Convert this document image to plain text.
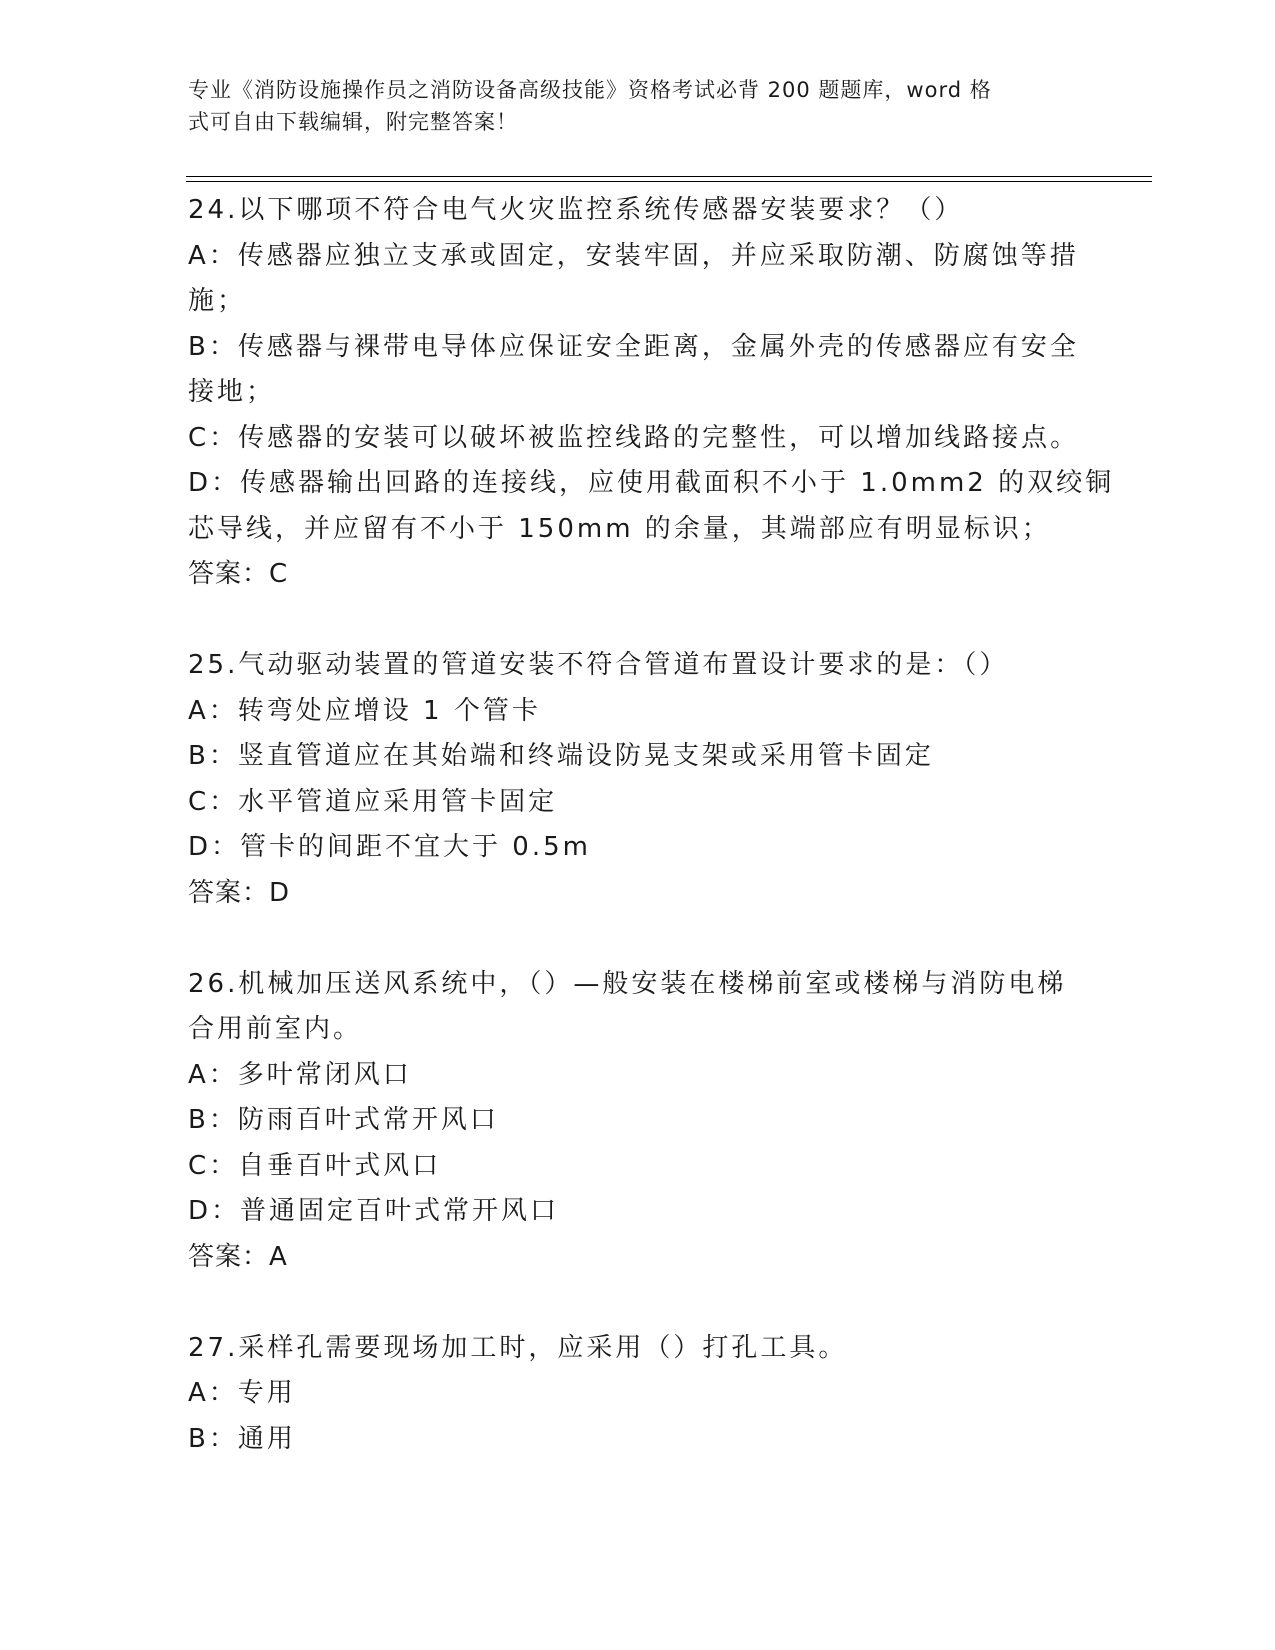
专业《消防设施操作员之消防设备高级技能》资格考试必背 200 题题库，word 格
式可自由下载编辑，附完整答案！
24.以下哪项不符合电气火灾监控系统传感器安装要求？（）
A：传感器应独立支承或固定，安装牢固，并应采取防潮、防腐蚀等措
施；
B：传感器与裸带电导体应保证安全距离，金属外壳的传感器应有安全
接地；
C：传感器的安装可以破坏被监控线路的完整性，可以增加线路接点。
D：传感器输出回路的连接线，应使用截面积不小于 1.0mm2 的双绞铜
芯导线，并应留有不小于 150mm 的余量，其端部应有明显标识；
答案：C
25.气动驱动装置的管道安装不符合管道布置设计要求的是：（）
A：转弯处应增设 1 个管卡
B：竖直管道应在其始端和终端设防晃支架或采用管卡固定
C：水平管道应采用管卡固定
D：管卡的间距不宜大于 0.5m
答案：D
26.机械加压送风系统中，（）—般安装在楼梯前室或楼梯与消防电梯
合用前室内。
A：多叶常闭风口
B：防雨百叶式常开风口
C：自垂百叶式风口
D：普通固定百叶式常开风口
答案：A
27.采样孔需要现场加工时，应采用（）打孔工具。
A：专用
B：通用
